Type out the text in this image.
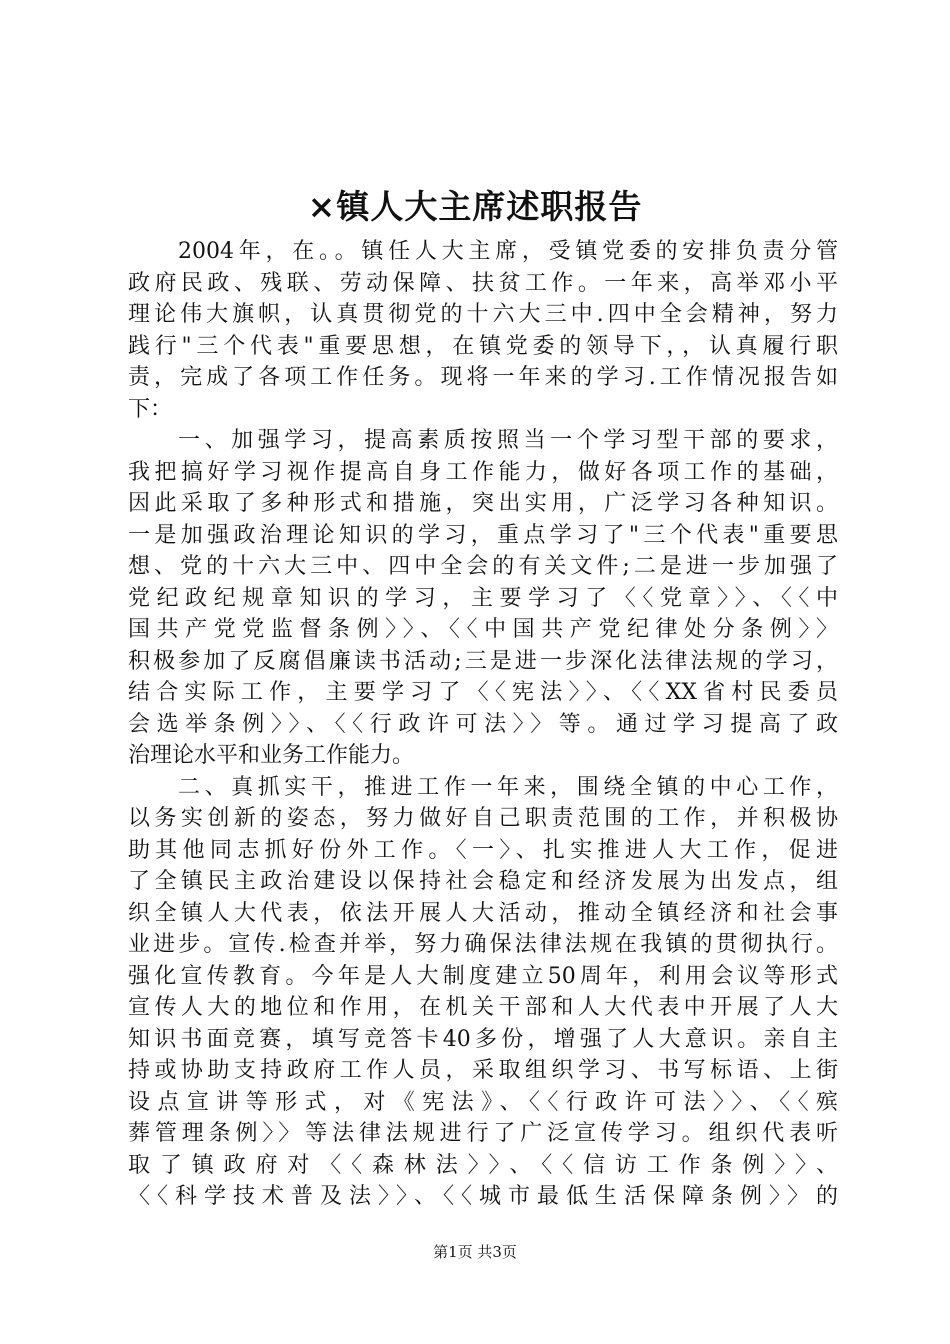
×镇人大主席述职报告
2004年，在。。镇任人大主席，受镇党委的安排负责分管
政府民政、残联、劳动保障、扶贫工作。一年来，高举邓小平
理论伟大旗帜，认真贯彻党的十六大三中.四中全会精神，努力
践行"三个代表"重要思想，在镇党委的领导下，，认真履行职
责，完成了各项工作任务。现将一年来的学习.工作情况报告如
下：
一、加强学习，提高素质按照当一个学习型干部的要求，
我把搞好学习视作提高自身工作能力，做好各项工作的基础，
因此采取了多种形式和措施，突出实用，广泛学习各种知识。
一是加强政治理论知识的学习，重点学习了"三个代表"重要思
想、党的十六大三中、四中全会的有关文件;二是进一步加强了
党纪政纪规章知识的学习，主要学习了〈〈党章〉〉、〈〈中
国共产党党监督条例〉〉、〈〈中国共产党纪律处分条例〉〉
积极参加了反腐倡廉读书活动;三是进一步深化法律法规的学习，
结合实际工作，主要学习了〈〈宪法〉〉、〈〈XX省村民委员
会选举条例〉〉、〈〈行政许可法〉〉等。通过学习提高了政
治理论水平和业务工作能力。
二、真抓实干，推进工作一年来，围绕全镇的中心工作，
以务实创新的姿态，努力做好自己职责范围的工作，并积极协
助其他同志抓好份外工作。〈一〉、扎实推进人大工作，促进
了全镇民主政治建设以保持社会稳定和经济发展为出发点，组
织全镇人大代表，依法开展人大活动，推动全镇经济和社会事
业进步。宣传.检查并举，努力确保法律法规在我镇的贯彻执行。
强化宣传教育。今年是人大制度建立50周年，利用会议等形式
宣传人大的地位和作用，在机关干部和人大代表中开展了人大
知识书面竞赛，填写竞答卡40多份，增强了人大意识。亲自主
持或协助支持政府工作人员，采取组织学习、书写标语、上街
设点宣讲等形式，对《宪法》、〈〈行政许可法〉〉、〈〈殡
葬管理条例〉〉等法律法规进行了广泛宣传学习。组织代表听
取了镇政府对〈〈森林法〉〉、〈〈信访工作条例〉〉、
〈〈科学技术普及法〉〉、〈〈城市最低生活保障条例〉〉的
第1页 共3页
